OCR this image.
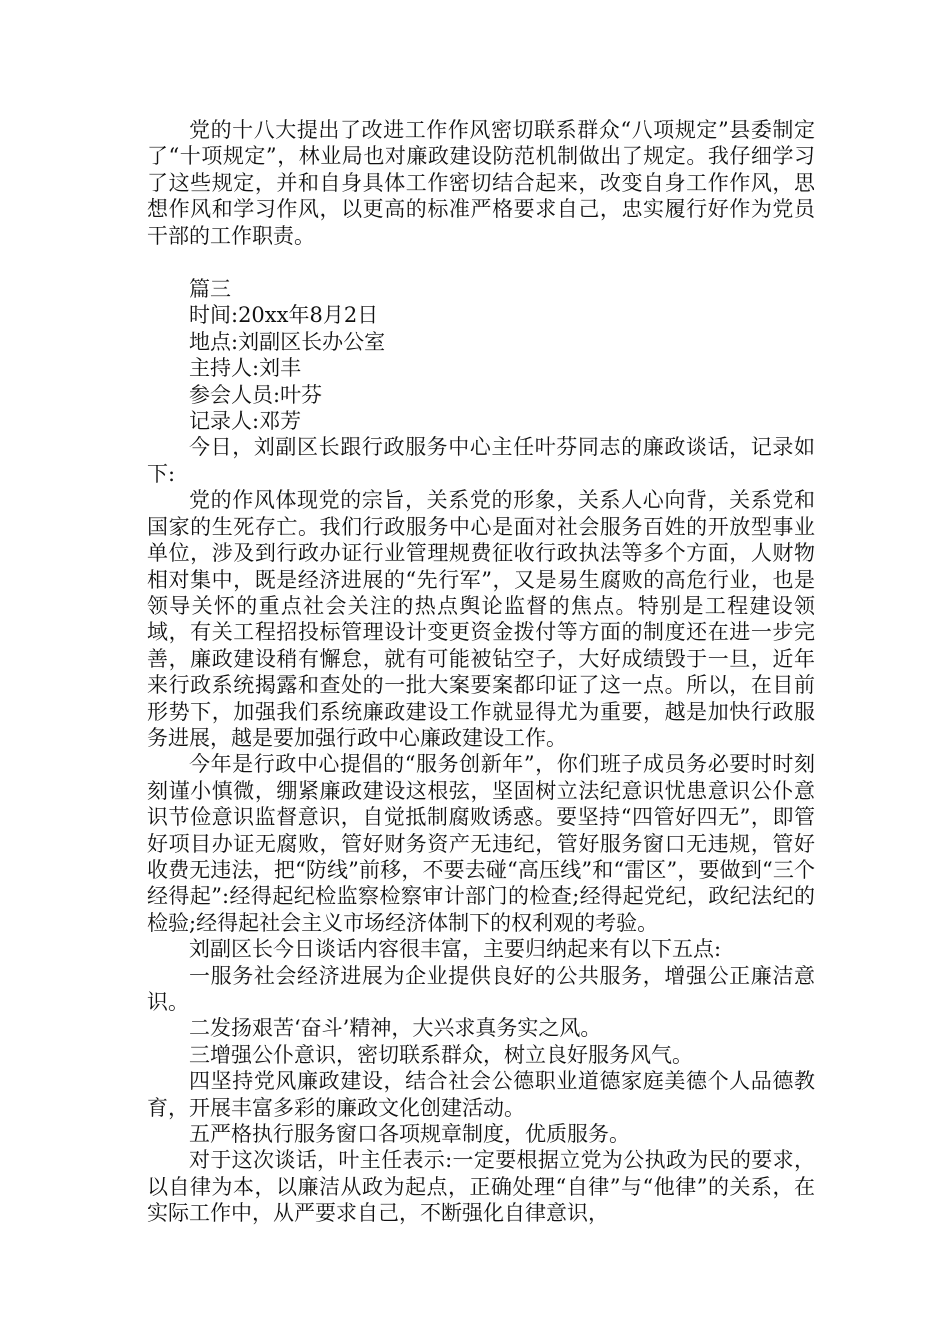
党的十八大提出了改进工作作风密切联系群众“八项规定”县委制定了“十项规定”，林业局也对廉政建设防范机制做出了规定。我仔细学习了这些规定，并和自身具体工作密切结合起来，改变自身工作作风，思想作风和学习作风，以更高的标准严格要求自己，忠实履行好作为党员干部的工作职责。

篇三

时间:20xx年8月2日

地点:刘副区长办公室

主持人:刘丰

参会人员:叶芬

记录人:邓芳

今日，刘副区长跟行政服务中心主任叶芬同志的廉政谈话，记录如下:

党的作风体现党的宗旨，关系党的形象，关系人心向背，关系党和国家的生死存亡。我们行政服务中心是面对社会服务百姓的开放型事业单位，涉及到行政办证行业管理规费征收行政执法等多个方面，人财物相对集中，既是经济进展的“先行军”，又是易生腐败的高危行业，也是领导关怀的重点社会关注的热点舆论监督的焦点。特别是工程建设领域，有关工程招投标管理设计变更资金拨付等方面的制度还在进一步完善，廉政建设稍有懈怠，就有可能被钻空子，大好成绩毁于一旦，近年来行政系统揭露和查处的一批大案要案都印证了这一点。所以，在目前形势下，加强我们系统廉政建设工作就显得尤为重要，越是加快行政服务进展，越是要加强行政中心廉政建设工作。

今年是行政中心提倡的“服务创新年”，你们班子成员务必要时时刻刻谨小慎微，绷紧廉政建设这根弦，坚固树立法纪意识忧患意识公仆意识节俭意识监督意识，自觉抵制腐败诱惑。要坚持“四管好四无”，即管好项目办证无腐败，管好财务资产无违纪，管好服务窗口无违规，管好收费无违法，把“防线”前移，不要去碰“高压线”和“雷区”，要做到“三个经得起”:经得起纪检监察检察审计部门的检查;经得起党纪，政纪法纪的检验;经得起社会主义市场经济体制下的权利观的考验。

刘副区长今日谈话内容很丰富，主要归纳起来有以下五点:

一服务社会经济进展为企业提供良好的公共服务，增强公正廉洁意识。

二发扬艰苦‘奋斗’精神，大兴求真务实之风。

三增强公仆意识，密切联系群众，树立良好服务风气。

四坚持党风廉政建设，结合社会公德职业道德家庭美德个人品德教育，开展丰富多彩的廉政文化创建活动。

五严格执行服务窗口各项规章制度，优质服务。

对于这次谈话，叶主任表示:一定要根据立党为公执政为民的要求，以自律为本，以廉洁从政为起点，正确处理“自律”与“他律”的关系，在实际工作中，从严要求自己，不断强化自律意识，
